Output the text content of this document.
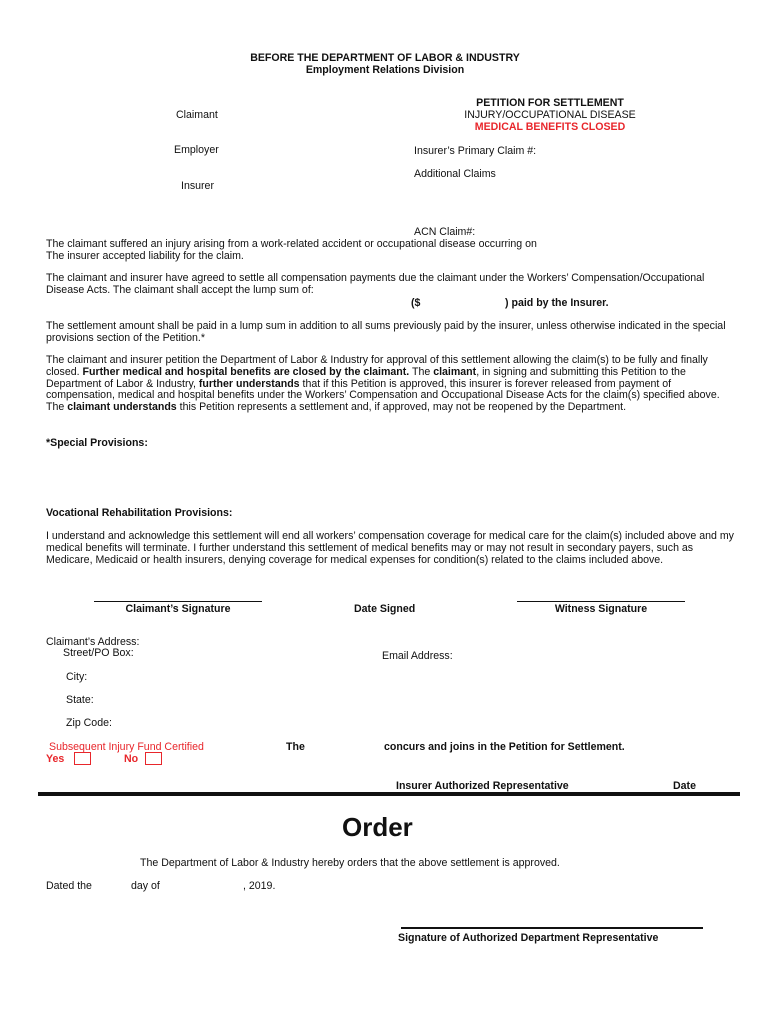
BEFORE THE DEPARTMENT OF LABOR & INDUSTRY
Employment Relations Division
PETITION FOR SETTLEMENT
INJURY/OCCUPATIONAL DISEASE
MEDICAL BENEFITS CLOSED
Claimant
Employer
Insurer
Insurer’s Primary Claim #:
Additional Claims
ACN Claim#:
The claimant suffered an injury arising from a work-related accident or occupational disease occurring on
The insurer accepted liability for the claim.
The claimant and insurer have agreed to settle all compensation payments due the claimant under the Workers’ Compensation/Occupational Disease Acts. The claimant shall accept the lump sum of:
($	) paid by the Insurer.
The settlement amount shall be paid in a lump sum in addition to all sums previously paid by the insurer, unless otherwise indicated in the special provisions section of the Petition.*
The claimant and insurer petition the Department of Labor & Industry for approval of this settlement allowing the claim(s) to be fully and finally closed. Further medical and hospital benefits are closed by the claimant. The claimant, in signing and submitting this Petition to the Department of Labor & Industry, further understands that if this Petition is approved, this insurer is forever released from payment of compensation, medical and hospital benefits under the Workers’ Compensation and Occupational Disease Acts for the claim(s) specified above. The claimant understands this Petition represents a settlement and, if approved, may not be reopened by the Department.
*Special Provisions:
Vocational Rehabilitation Provisions:
I understand and acknowledge this settlement will end all workers’ compensation coverage for medical care for the claim(s) included above and my medical benefits will terminate. I further understand this settlement of medical benefits may or may not result in secondary payers, such as Medicare, Medicaid or health insurers, denying coverage for medical expenses for condition(s) related to the claims included above.
Claimant’s Signature	Date Signed	Witness Signature
Claimant’s Address:
Street/PO Box:	Email Address:
City:
State:
Zip Code:
Subsequent Injury Fund Certified
Yes	No
The	concurs and joins in the Petition for Settlement.
Insurer Authorized Representative	Date
Order
The Department of Labor & Industry hereby orders that the above settlement is approved.
Dated the	day of	, 2019.
Signature of Authorized Department Representative
